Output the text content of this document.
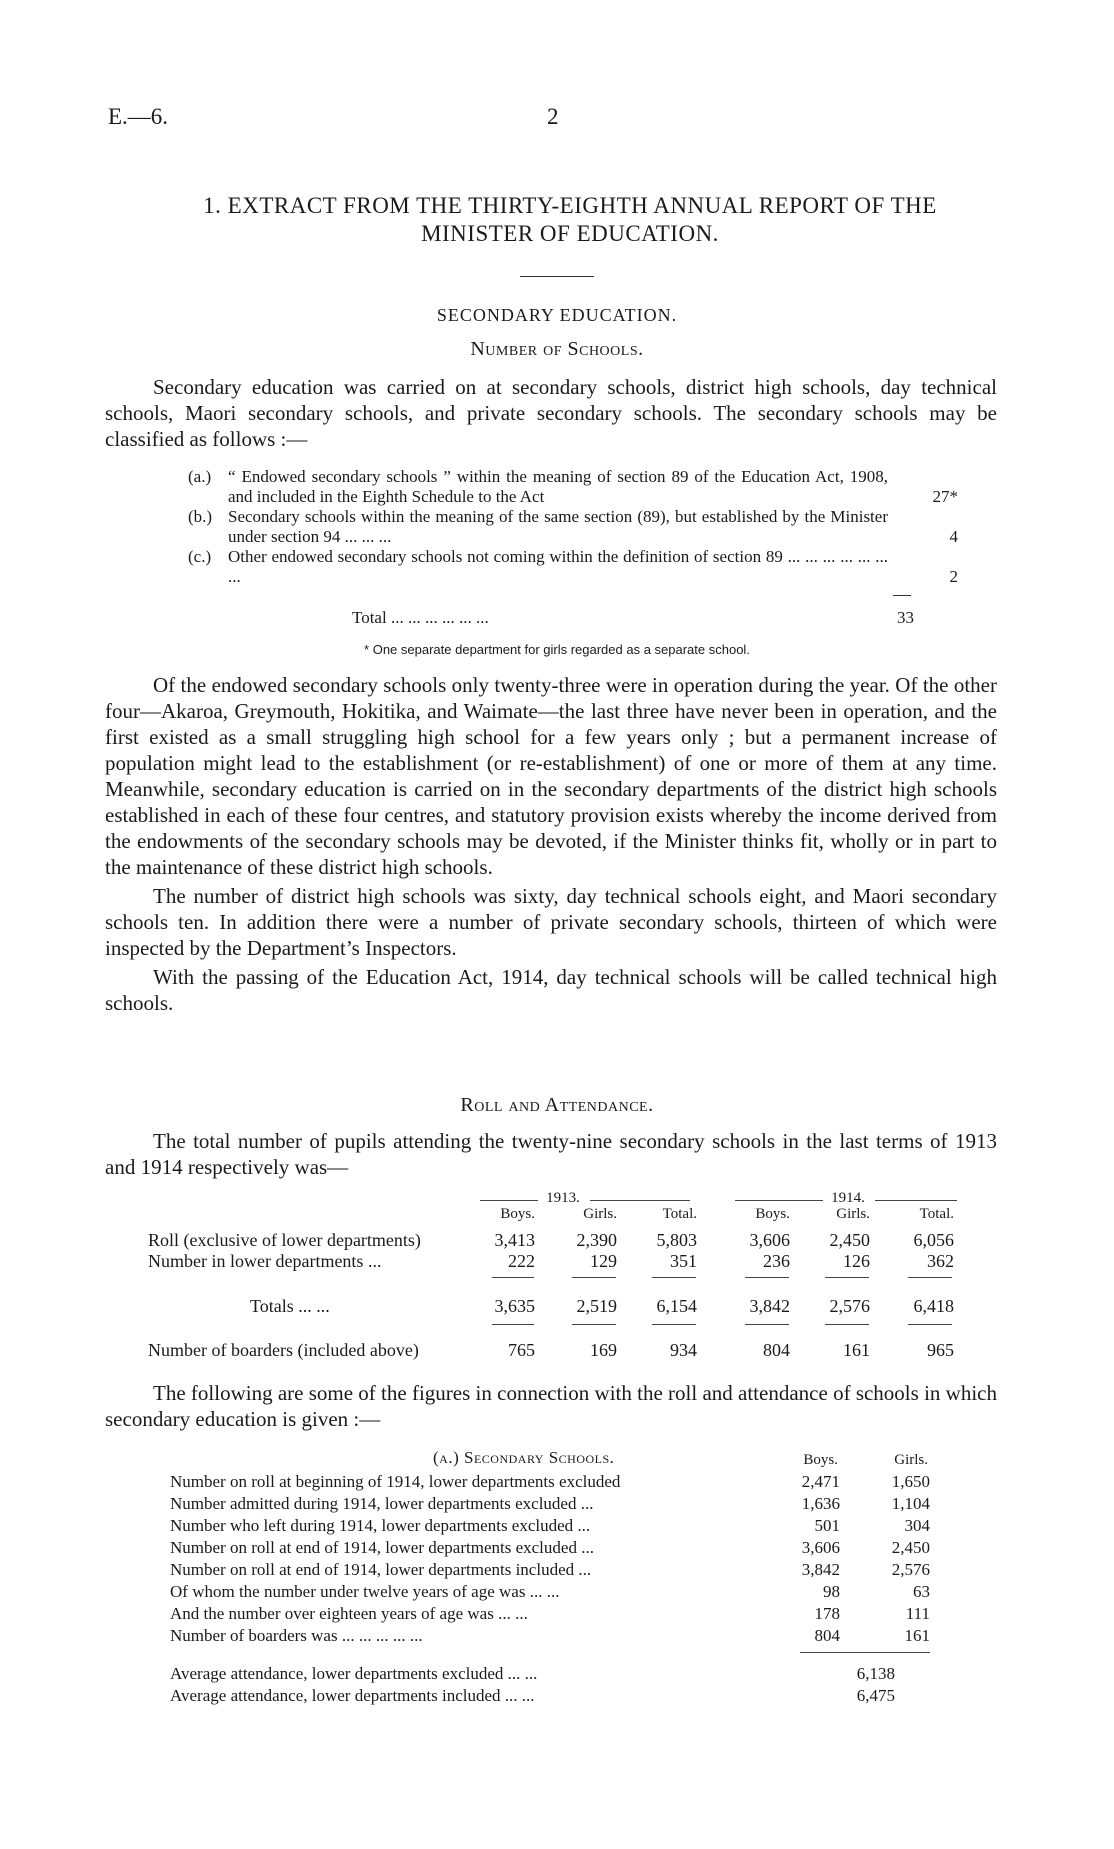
E.—6.	2
1. EXTRACT FROM THE THIRTY-EIGHTH ANNUAL REPORT OF THE MINISTER OF EDUCATION.
SECONDARY EDUCATION.
Number of Schools.

Secondary education was carried on at secondary schools, district high schools, day technical schools, Maori secondary schools, and private secondary schools. The secondary schools may be classified as follows :—

(a.) “ Endowed secondary schools ” within the meaning of section 89 of the Education Act, 1908, and included in the Eighth Schedule to the Act	27*
(b.) Secondary schools within the meaning of the same section (89), but established by the Minister under section 94 ... ... ...	4
(c.) Other endowed secondary schools not coming within the definition of section 89 ... ... ... ... ... ... ...	2
Total ... ... ... ... ... ...	33
* One separate department for girls regarded as a separate school.

Of the endowed secondary schools only twenty-three were in operation during the year. Of the other four—Akaroa, Greymouth, Hokitika, and Waimate—the last three have never been in operation, and the first existed as a small struggling high school for a few years only ; but a permanent increase of population might lead to the establishment (or re-establishment) of one or more of them at any time. Meanwhile, secondary education is carried on in the secondary departments of the district high schools established in each of these four centres, and statutory provision exists whereby the income derived from the endowments of the secondary schools may be devoted, if the Minister thinks fit, wholly or in part to the maintenance of these district high schools.

The number of district high schools was sixty, day technical schools eight, and Maori secondary schools ten. In addition there were a number of private secondary schools, thirteen of which were inspected by the Department’s Inspectors.

With the passing of the Education Act, 1914, day technical schools will be called technical high schools.

Roll and Attendance.

The total number of pupils attending the twenty-nine secondary schools in the last terms of 1913 and 1914 respectively was—

1913.	1914.
Boys.	Girls.	Total.	Boys.	Girls.	Total.
Roll (exclusive of lower departments)	3,413	2,390	5,803	3,606	2,450	6,056
Number in lower departments ...	222	129	351	236	126	362
Totals ... ...	3,635	2,519	6,154	3,842	2,576	6,418
Number of boarders (included above)	765	169	934	804	161	965

The following are some of the figures in connection with the roll and attendance of schools in which secondary education is given :—

(a.) Secondary Schools.	Boys.	Girls.
Number on roll at beginning of 1914, lower departments excluded	2,471	1,650
Number admitted during 1914, lower departments excluded ...	1,636	1,104
Number who left during 1914, lower departments excluded ...	501	304
Number on roll at end of 1914, lower departments excluded ...	3,606	2,450
Number on roll at end of 1914, lower departments included ...	3,842	2,576
Of whom the number under twelve years of age was ... ...	98	63
And the number over eighteen years of age was ... ...	178	111
Number of boarders was ... ... ... ... ...	804	161
Average attendance, lower departments excluded ... ...	6,138
Average attendance, lower departments included ... ...	6,475
